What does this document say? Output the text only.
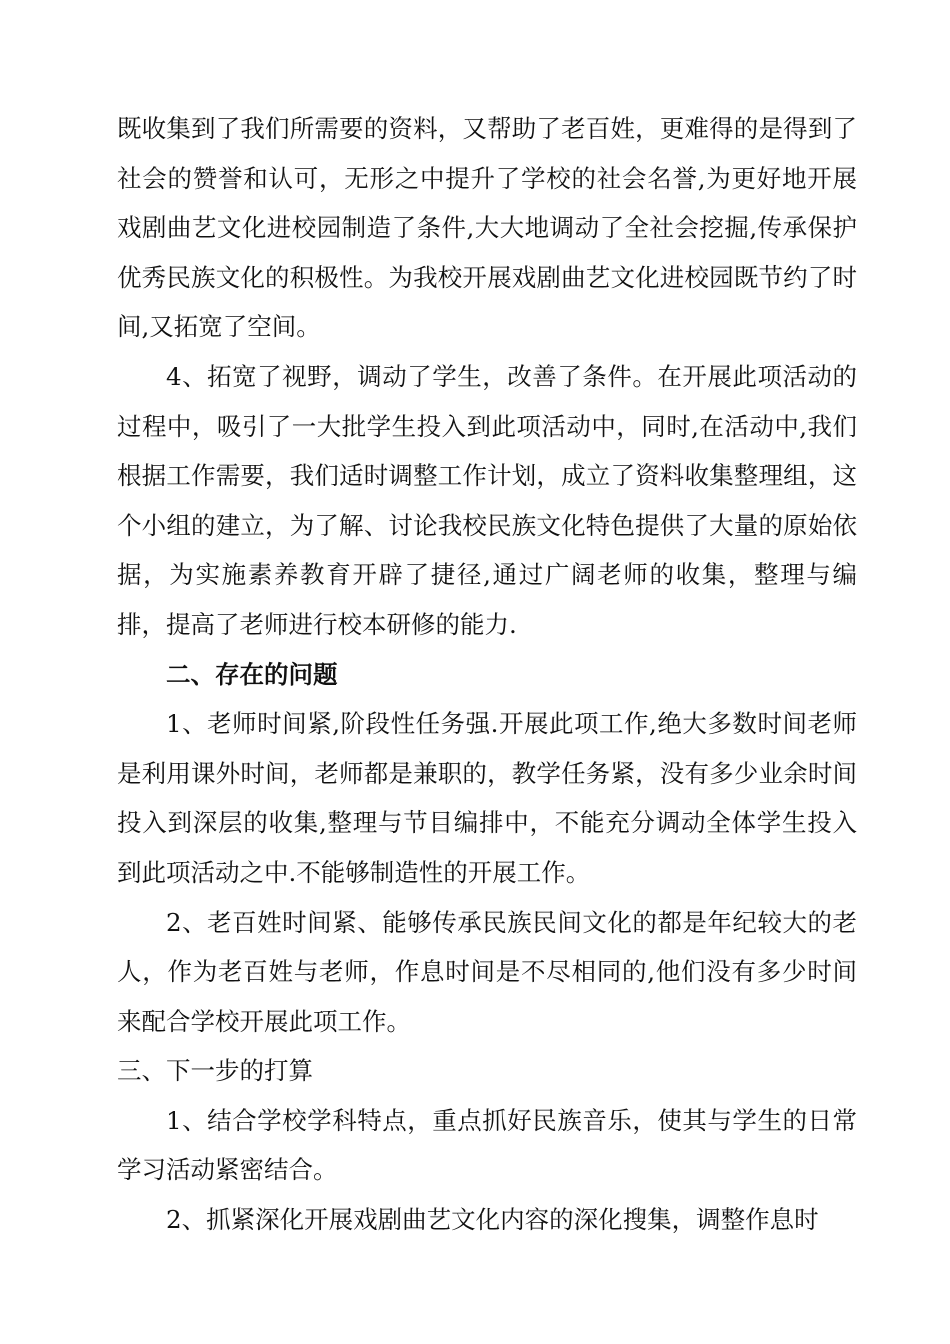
既收集到了我们所需要的资料，又帮助了老百姓，更难得的是得到了社会的赞誉和认可，无形之中提升了学校的社会名誉,为更好地开展戏剧曲艺文化进校园制造了条件,大大地调动了全社会挖掘,传承保护优秀民族文化的积极性。为我校开展戏剧曲艺文化进校园既节约了时间,又拓宽了空间。

4、拓宽了视野，调动了学生，改善了条件。在开展此项活动的过程中，吸引了一大批学生投入到此项活动中，同时,在活动中,我们根据工作需要，我们适时调整工作计划，成立了资料收集整理组，这个小组的建立，为了解、讨论我校民族文化特色提供了大量的原始依据，为实施素养教育开辟了捷径,通过广阔老师的收集，整理与编排，提高了老师进行校本研修的能力.

二、存在的问题

1、老师时间紧,阶段性任务强.开展此项工作,绝大多数时间老师是利用课外时间，老师都是兼职的，教学任务紧，没有多少业余时间投入到深层的收集,整理与节目编排中，不能充分调动全体学生投入到此项活动之中.不能够制造性的开展工作。

2、老百姓时间紧、能够传承民族民间文化的都是年纪较大的老人，作为老百姓与老师，作息时间是不尽相同的,他们没有多少时间来配合学校开展此项工作。

三、下一步的打算

1、结合学校学科特点，重点抓好民族音乐，使其与学生的日常学习活动紧密结合。

2、抓紧深化开展戏剧曲艺文化内容的深化搜集，调整作息时
